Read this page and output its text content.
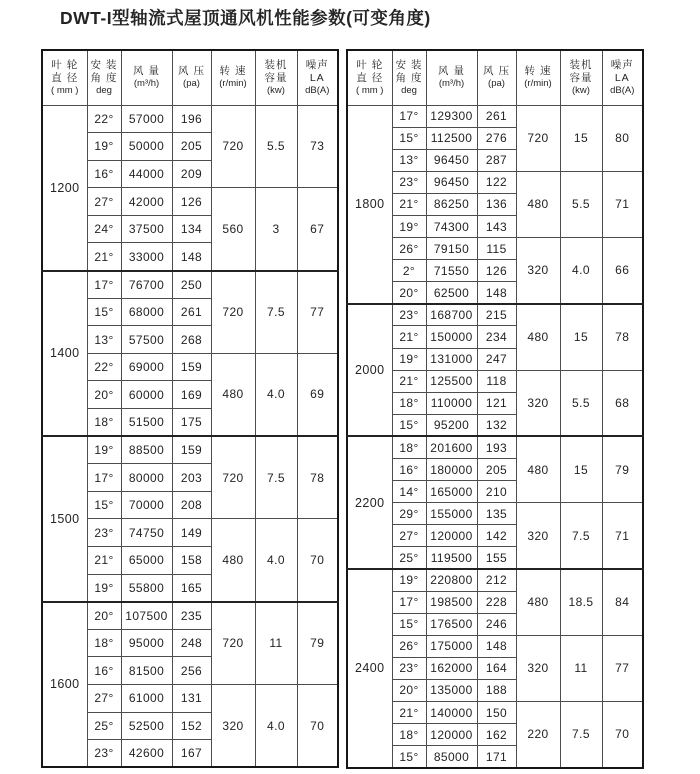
DWT-I型轴流式屋顶通风机性能参数(可变角度)
叶 轮
直 径
( mm )

安 装
角 度
deg

风 量
(m³/h)

风 压
(pa)

转 速
(r/min)

装机
容量
(kw)

噪声
LA
dB(A)

1200	22°	57000	196	720	5.5	73
	19°	50000	205			
	16°	44000	209			
	27°	42000	126	560	3	67
	24°	37500	134			
	21°	33000	148			
1400	17°	76700	250	720	7.5	77
	15°	68000	261			
	13°	57500	268			
	22°	69000	159	480	4.0	69
	20°	60000	169			
	18°	51500	175			
1500	19°	88500	159	720	7.5	78
	17°	80000	203			
	15°	70000	208			
	23°	74750	149	480	4.0	70
	21°	65000	158			
	19°	55800	165			
1600	20°	107500	235	720	11	79
	18°	95000	248			
	16°	81500	256			
	27°	61000	131	320	4.0	70
	25°	52500	152			
	23°	42600	167			
叶 轮
直 径
( mm )

安 装
角 度
deg

风 量
(m³/h)

风 压
(pa)

转 速
(r/min)

装机
容量
(kw)

噪声
LA
dB(A)

1800	17°	129300	261	720	15	80
	15°	112500	276			
	13°	96450	287			
	23°	96450	122	480	5.5	71
	21°	86250	136			
	19°	74300	143			
	26°	79150	115	320	4.0	66
	2°	71550	126			
	20°	62500	148			
2000	23°	168700	215	480	15	78
	21°	150000	234			
	19°	131000	247			
	21°	125500	118	320	5.5	68
	18°	110000	121			
	15°	95200	132			
2200	18°	201600	193	480	15	79
	16°	180000	205			
	14°	165000	210			
	29°	155000	135	320	7.5	71
	27°	120000	142			
	25°	119500	155			
2400	19°	220800	212	480	18.5	84
	17°	198500	228			
	15°	176500	246			
	26°	175000	148	320	11	77
	23°	162000	164			
	20°	135000	188			
	21°	140000	150	220	7.5	70
	18°	120000	162			
	15°	85000	171			
